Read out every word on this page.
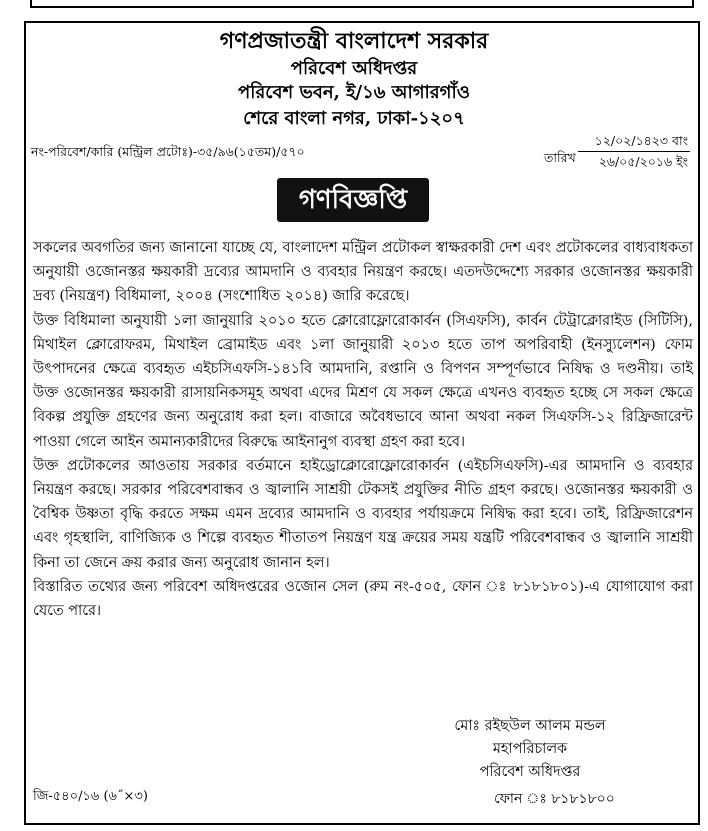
গণপ্রজাতন্ত্রী বাংলাদেশ সরকার
পরিবেশ অধিদপ্তর
পরিবেশ ভবন, ই/১৬ আগারগাঁও
শেরে বাংলা নগর, ঢাকা-১২০৭
নং-পরিবেশ/কারি (মন্ট্রিল প্রটোঃ)-৩৫/৯৬(১৫তম)/৫৭০	তারিখ
১২/০২/১৪২৩ বাং
২৬/০৫/২০১৬ ইং
গণবিজ্ঞপ্তি

সকলের অবগতির জন্য জানানো যাচ্ছে যে, বাংলাদেশ মন্ট্রিল প্রটোকল স্বাক্ষরকারী দেশ এবং প্রটোকলের বাধ্যবাধকতা অনুযায়ী ওজোনস্তর ক্ষয়কারী দ্রব্যের আমদানি ও ব্যবহার নিয়ন্ত্রণ করছে। এতদউদ্দেশ্যে সরকার ওজোনস্তর ক্ষয়কারী দ্রব্য (নিয়ন্ত্রণ) বিধিমালা, ২০০৪ (সংশোধিত ২০১৪) জারি করেছে।

উক্ত বিধিমালা অনুযায়ী ১লা জানুয়ারি ২০১০ হতে ক্লোরোফ্লোরোকার্বন (সিএফসি), কার্বন টেট্রাক্লোরাইড (সিটিসি), মিথাইল ক্লোরোফরম, মিথাইল ব্রোমাইড এবং ১লা জানুয়ারী ২০১৩ হতে তাপ অপরিবাহী (ইনস্যুলেশন) ফোম উৎপাদনের ক্ষেত্রে ব্যবহৃত এইচসিএফসি-১৪১বি আমদানি, রপ্তানি ও বিপণন সম্পূর্ণভাবে নিষিদ্ধ ও দণ্ডনীয়। তাই উক্ত ওজোনস্তর ক্ষয়কারী রাসায়নিকসমূহ অথবা এদের মিশ্রণ যে সকল ক্ষেত্রে এখনও ব্যবহৃত হচ্ছে সে সকল ক্ষেত্রে বিকল্প প্রযুক্তি গ্রহণের জন্য অনুরোধ করা হল। বাজারে অবৈধভাবে আনা অথবা নকল সিএফসি-১২ রিফ্রিজারেন্ট পাওয়া গেলে আইন অমান্যকারীদের বিরুদ্ধে আইনানুগ ব্যবস্থা গ্রহণ করা হবে।

উক্ত প্রটোকলের আওতায় সরকার বর্তমানে হাইড্রোক্লোরোফ্লোরোকার্বন (এইচসিএফসি)-এর আমদানি ও ব্যবহার নিয়ন্ত্রণ করছে। সরকার পরিবেশবান্ধব ও জ্বালানি সাশ্রয়ী টেকসই প্রযুক্তির নীতি গ্রহণ করছে। ওজোনস্তর ক্ষয়কারী ও বৈশ্বিক উষ্ণতা বৃদ্ধি করতে সক্ষম এমন দ্রব্যের আমদানি ও ব্যবহার পর্যায়ক্রমে নিষিদ্ধ করা হবে। তাই, রিফ্রিজারেশন এবং গৃহস্থালি, বাণিজ্যিক ও শিল্পে ব্যবহৃত শীতাতপ নিয়ন্ত্রণ যন্ত্র ক্রয়ের সময় যন্ত্রটি পরিবেশবান্ধব ও জ্বালানি সাশ্রয়ী কিনা তা জেনে ক্রয় করার জন্য অনুরোধ জানান হল।

বিস্তারিত তথ্যের জন্য পরিবেশ অধিদপ্তরের ওজোন সেল (রুম নং-৫০৫, ফোন ঃ ৮১৮১৮০১)-এ যোগাযোগ করা যেতে পারে।

মোঃ রইছউল আলম মন্ডল
মহাপরিচালক
পরিবেশ অধিদপ্তর
জি-৫৪০/১৬ (৬˝×৩)	ফোন ঃ ৮১৮১৮০০
